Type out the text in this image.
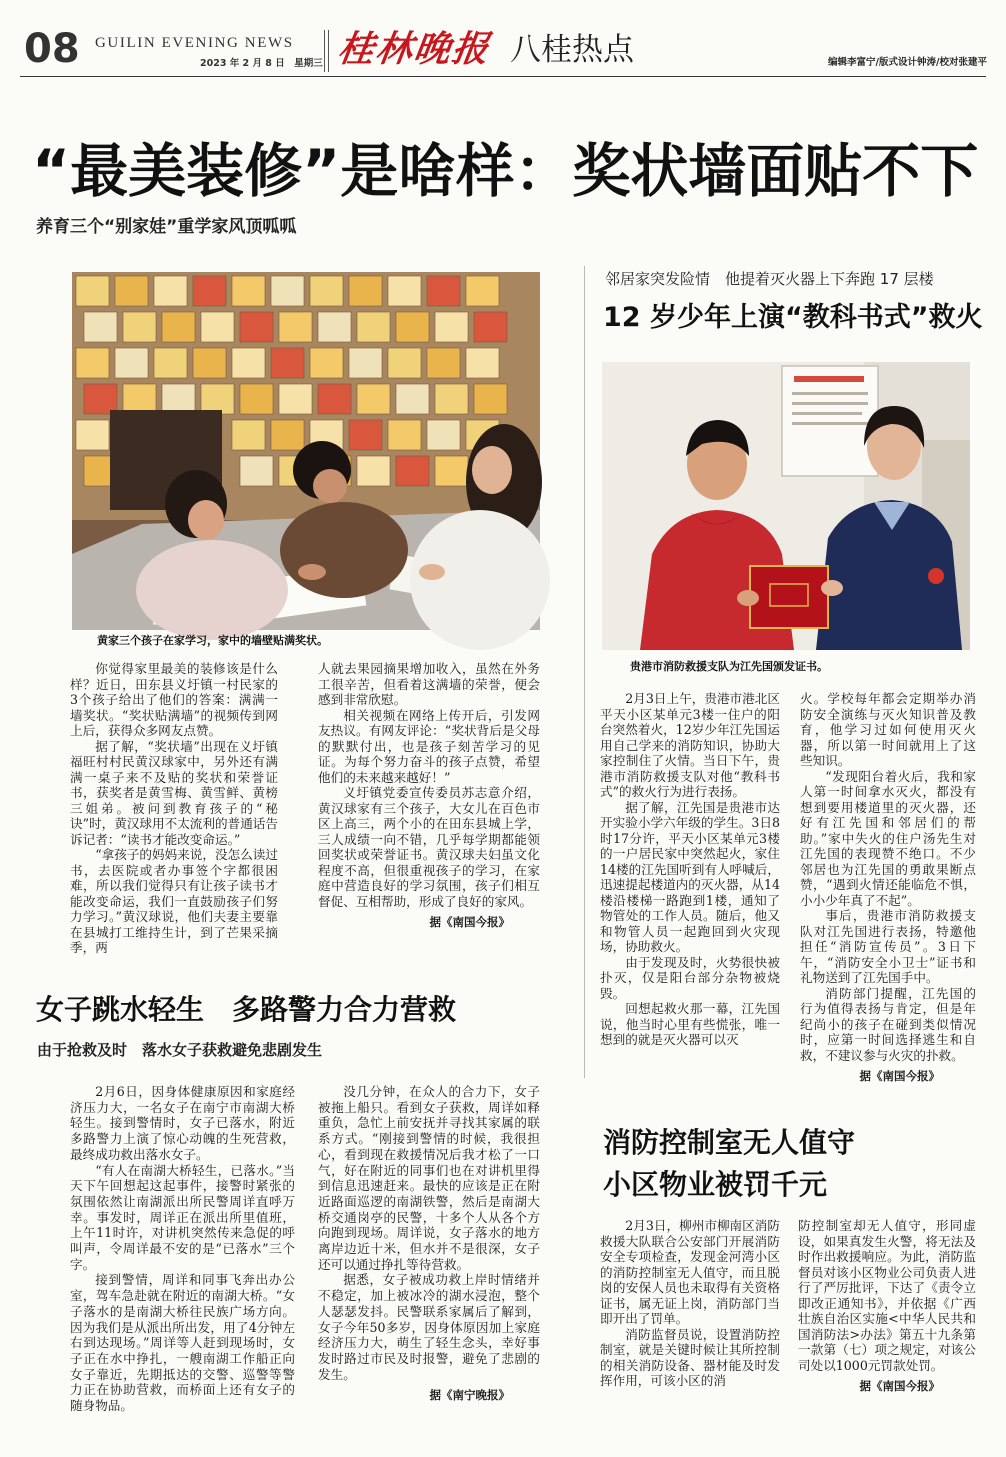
08 GUILIN EVENING NEWS
2023 年 2 月 8 日　星期三 桂林晚报 八桂热点	编辑李富宁/版式设计钟涛/校对张建平
“最美装修”是啥样：奖状墙面贴不下
养育三个“别家娃”重学家风顶呱呱
黄家三个孩子在家学习，家中的墙壁贴满奖状。

你觉得家里最美的装修该是什么样？近日，田东县义圩镇一村民家的3个孩子给出了他们的答案：满满一墙奖状。“奖状贴满墙”的视频传到网上后，获得众多网友点赞。

据了解，“奖状墙”出现在义圩镇福旺村村民黄汉球家中，另外还有满满一桌子来不及贴的奖状和荣誉证书，获奖者是黄雪梅、黄雪鲜、黄榜三姐弟。被问到教育孩子的“秘诀”时，黄汉球用不太流利的普通话告诉记者：“读书才能改变命运。”

“拿孩子的妈妈来说，没怎么读过书，去医院或者办事签个字都很困难，所以我们觉得只有让孩子读书才能改变命运，我们一直鼓励孩子们努力学习。”黄汉球说，他们夫妻主要靠在县城打工维持生计，到了芒果采摘季，两

人就去果园摘果增加收入，虽然在外务工很辛苦，但看着这满墙的荣誉，便会感到非常欣慰。

相关视频在网络上传开后，引发网友热议。有网友评论：“奖状背后是父母的默默付出，也是孩子刻苦学习的见证。为每个努力奋斗的孩子点赞，希望他们的未来越来越好！”

义圩镇党委宣传委员苏志意介绍，黄汉球家有三个孩子，大女儿在百色市区上高三，两个小的在田东县城上学，三人成绩一向不错，几乎每学期都能领回奖状或荣誉证书。黄汉球夫妇虽文化程度不高，但很重视孩子的学习，在家庭中营造良好的学习氛围，孩子们相互督促、互相帮助，形成了良好的家风。

据《南国今报》

邻居家突发险情　他提着灭火器上下奔跑 17 层楼
12 岁少年上演“教科书式”救火
贵港市消防救援支队为江先国颁发证书。

2月3日上午，贵港市港北区平天小区某单元3楼一住户的阳台突然着火，12岁少年江先国运用自己学来的消防知识，协助大家控制住了火情。当日下午，贵港市消防救援支队对他“教科书式”的救火行为进行表扬。

据了解，江先国是贵港市达开实验小学六年级的学生。3日8时17分许，平天小区某单元3楼的一户居民家中突然起火，家住14楼的江先国听到有人呼喊后，迅速提起楼道内的灭火器，从14楼沿楼梯一路跑到1楼，通知了物管处的工作人员。随后，他又和物管人员一起跑回到火灾现场，协助救火。

由于发现及时，火势很快被扑灭，仅是阳台部分杂物被烧毁。

回想起救火那一幕，江先国说，他当时心里有些慌张，唯一想到的就是灭火器可以灭

火。学校每年都会定期举办消防安全演练与灭火知识普及教育，他学习过如何使用灭火器，所以第一时间就用上了这些知识。

“发现阳台着火后，我和家人第一时间拿水灭火，都没有想到要用楼道里的灭火器，还好有江先国和邻居们的帮助。”家中失火的住户汤先生对江先国的表现赞不绝口。不少邻居也为江先国的勇敢果断点赞，“遇到火情还能临危不惧，小小少年真了不起”。

事后，贵港市消防救援支队对江先国进行表扬，特邀他担任“消防宣传员”。3日下午，“消防安全小卫士”证书和礼物送到了江先国手中。

消防部门提醒，江先国的行为值得表扬与肯定，但是年纪尚小的孩子在碰到类似情况时，应第一时间选择逃生和自救，不建议参与火灾的扑救。

据《南国今报》

女子跳水轻生　多路警力合力营救
由于抢救及时　落水女子获救避免悲剧发生

2月6日，因身体健康原因和家庭经济压力大，一名女子在南宁市南湖大桥轻生。接到警情时，女子已落水，附近多路警力上演了惊心动魄的生死营救，最终成功救出落水女子。

“有人在南湖大桥轻生，已落水。”当天下午回想起这起事件，接警时紧张的氛围依然让南湖派出所民警周详直呼万幸。事发时，周详正在派出所里值班，上午11时许，对讲机突然传来急促的呼叫声，令周详最不安的是“已落水”三个字。

接到警情，周详和同事飞奔出办公室，驾车急赴就在附近的南湖大桥。“女子落水的是南湖大桥往民族广场方向。因为我们是从派出所出发，用了4分钟左右到达现场。”周详等人赶到现场时，女子正在水中挣扎，一艘南湖工作船正向女子靠近，先期抵达的交警、巡警等警力正在协助营救，而桥面上还有女子的随身物品。

没几分钟，在众人的合力下，女子被拖上船只。看到女子获救，周详如释重负，急忙上前安抚并寻找其家属的联系方式。“刚接到警情的时候，我很担心，看到现在救援情况后我才松了一口气，好在附近的同事们也在对讲机里得到信息迅速赶来。最快的应该是正在附近路面巡逻的南湖铁警，然后是南湖大桥交通岗亭的民警，十多个人从各个方向跑到现场。周详说，女子落水的地方离岸边近十米，但水并不是很深，女子还可以通过挣扎等待营救。

据悉，女子被成功救上岸时情绪并不稳定，加上被冰冷的湖水浸泡，整个人瑟瑟发抖。民警联系家属后了解到，女子今年50多岁，因身体原因加上家庭经济压力大，萌生了轻生念头，幸好事发时路过市民及时报警，避免了悲剧的发生。

据《南宁晚报》

消防控制室无人值守
小区物业被罚千元

2月3日，柳州市柳南区消防救援大队联合公安部门开展消防安全专项检查，发现金河湾小区的消防控制室无人值守，而且脱岗的安保人员也未取得有关资格证书，属无证上岗，消防部门当即开出了罚单。

消防监督员说，设置消防控制室，就是关键时候让其所控制的相关消防设备、器材能及时发挥作用，可该小区的消

防控制室却无人值守，形同虚设，如果真发生火警，将无法及时作出救援响应。为此，消防监督员对该小区物业公司负责人进行了严厉批评，下达了《责令立即改正通知书》，并依据《广西壮族自治区实施<中华人民共和国消防法>办法》第五十九条第一款第（七）项之规定，对该公司处以1000元罚款处罚。

据《南国今报》
